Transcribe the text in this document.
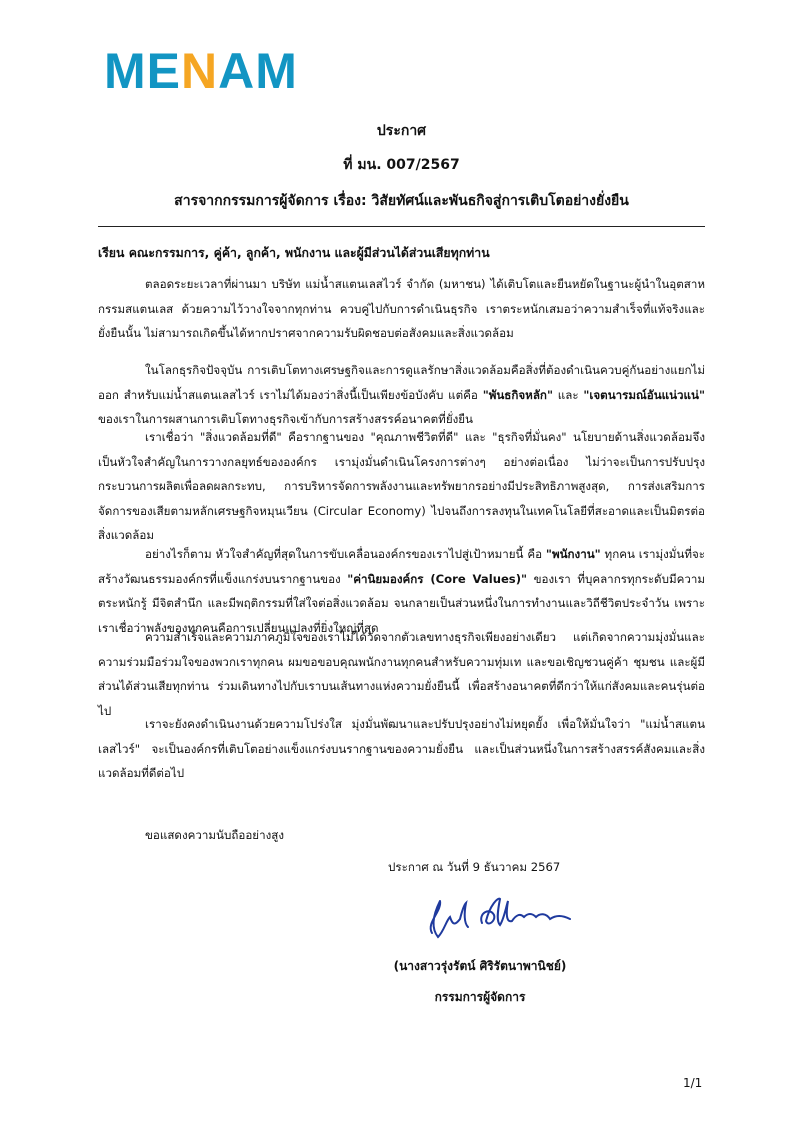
MENAM
ประกาศ
ที่ มน. 007/2567
สารจากกรรมการผู้จัดการ เรื่อง: วิสัยทัศน์และพันธกิจสู่การเติบโตอย่างยั่งยืน
เรียน คณะกรรมการ, คู่ค้า, ลูกค้า, พนักงาน และผู้มีส่วนได้ส่วนเสียทุกท่าน

ตลอดระยะเวลาที่ผ่านมา บริษัท แม่น้ำสแตนเลสไวร์ จำกัด (มหาชน) ได้เติบโตและยืนหยัดในฐานะผู้นำในอุตสาหกรรมสแตนเลส ด้วยความไว้วางใจจากทุกท่าน ควบคู่ไปกับการดำเนินธุรกิจ เราตระหนักเสมอว่าความสำเร็จที่แท้จริงและยั่งยืนนั้น ไม่สามารถเกิดขึ้นได้หากปราศจากความรับผิดชอบต่อสังคมและสิ่งแวดล้อม

ในโลกธุรกิจปัจจุบัน การเติบโตทางเศรษฐกิจและการดูแลรักษาสิ่งแวดล้อมคือสิ่งที่ต้องดำเนินควบคู่กันอย่างแยกไม่ออก สำหรับแม่น้ำสแตนเลสไวร์ เราไม่ได้มองว่าสิ่งนี้เป็นเพียงข้อบังคับ แต่คือ "พันธกิจหลัก" และ "เจตนารมณ์อันแน่วแน่" ของเราในการผสานการเติบโตทางธุรกิจเข้ากับการสร้างสรรค์อนาคตที่ยั่งยืน

เราเชื่อว่า "สิ่งแวดล้อมที่ดี" คือรากฐานของ "คุณภาพชีวิตที่ดี" และ "ธุรกิจที่มั่นคง" นโยบายด้านสิ่งแวดล้อมจึงเป็นหัวใจสำคัญในการวางกลยุทธ์ขององค์กร เรามุ่งมั่นดำเนินโครงการต่างๆ อย่างต่อเนื่อง ไม่ว่าจะเป็นการปรับปรุงกระบวนการผลิตเพื่อลดผลกระทบ, การบริหารจัดการพลังงานและทรัพยากรอย่างมีประสิทธิภาพสูงสุด, การส่งเสริมการจัดการของเสียตามหลักเศรษฐกิจหมุนเวียน (Circular Economy) ไปจนถึงการลงทุนในเทคโนโลยีที่สะอาดและเป็นมิตรต่อสิ่งแวดล้อม

อย่างไรก็ตาม หัวใจสำคัญที่สุดในการขับเคลื่อนองค์กรของเราไปสู่เป้าหมายนี้ คือ "พนักงาน" ทุกคน เรามุ่งมั่นที่จะสร้างวัฒนธรรมองค์กรที่แข็งแกร่งบนรากฐานของ "ค่านิยมองค์กร (Core Values)" ของเรา ที่บุคลากรทุกระดับมีความตระหนักรู้ มีจิตสำนึก และมีพฤติกรรมที่ใส่ใจต่อสิ่งแวดล้อม จนกลายเป็นส่วนหนึ่งในการทำงานและวิถีชีวิตประจำวัน เพราะเราเชื่อว่าพลังของทุกคนคือการเปลี่ยนแปลงที่ยิ่งใหญ่ที่สุด

ความสำเร็จและความภาคภูมิใจของเราไม่ได้วัดจากตัวเลขทางธุรกิจเพียงอย่างเดียว แต่เกิดจากความมุ่งมั่นและความร่วมมือร่วมใจของพวกเราทุกคน ผมขอขอบคุณพนักงานทุกคนสำหรับความทุ่มเท และขอเชิญชวนคู่ค้า ชุมชน และผู้มีส่วนได้ส่วนเสียทุกท่าน ร่วมเดินทางไปกับเราบนเส้นทางแห่งความยั่งยืนนี้ เพื่อสร้างอนาคตที่ดีกว่าให้แก่สังคมและคนรุ่นต่อไป

เราจะยังคงดำเนินงานด้วยความโปร่งใส มุ่งมั่นพัฒนาและปรับปรุงอย่างไม่หยุดยั้ง เพื่อให้มั่นใจว่า "แม่น้ำสแตนเลสไวร์" จะเป็นองค์กรที่เติบโตอย่างแข็งแกร่งบนรากฐานของความยั่งยืน และเป็นส่วนหนึ่งในการสร้างสรรค์สังคมและสิ่งแวดล้อมที่ดีต่อไป

ขอแสดงความนับถืออย่างสูง
ประกาศ ณ วันที่ 9 ธันวาคม 2567
(นางสาวรุ่งรัตน์ ศิริรัตนาพานิชย์)
กรรมการผู้จัดการ
1/1
